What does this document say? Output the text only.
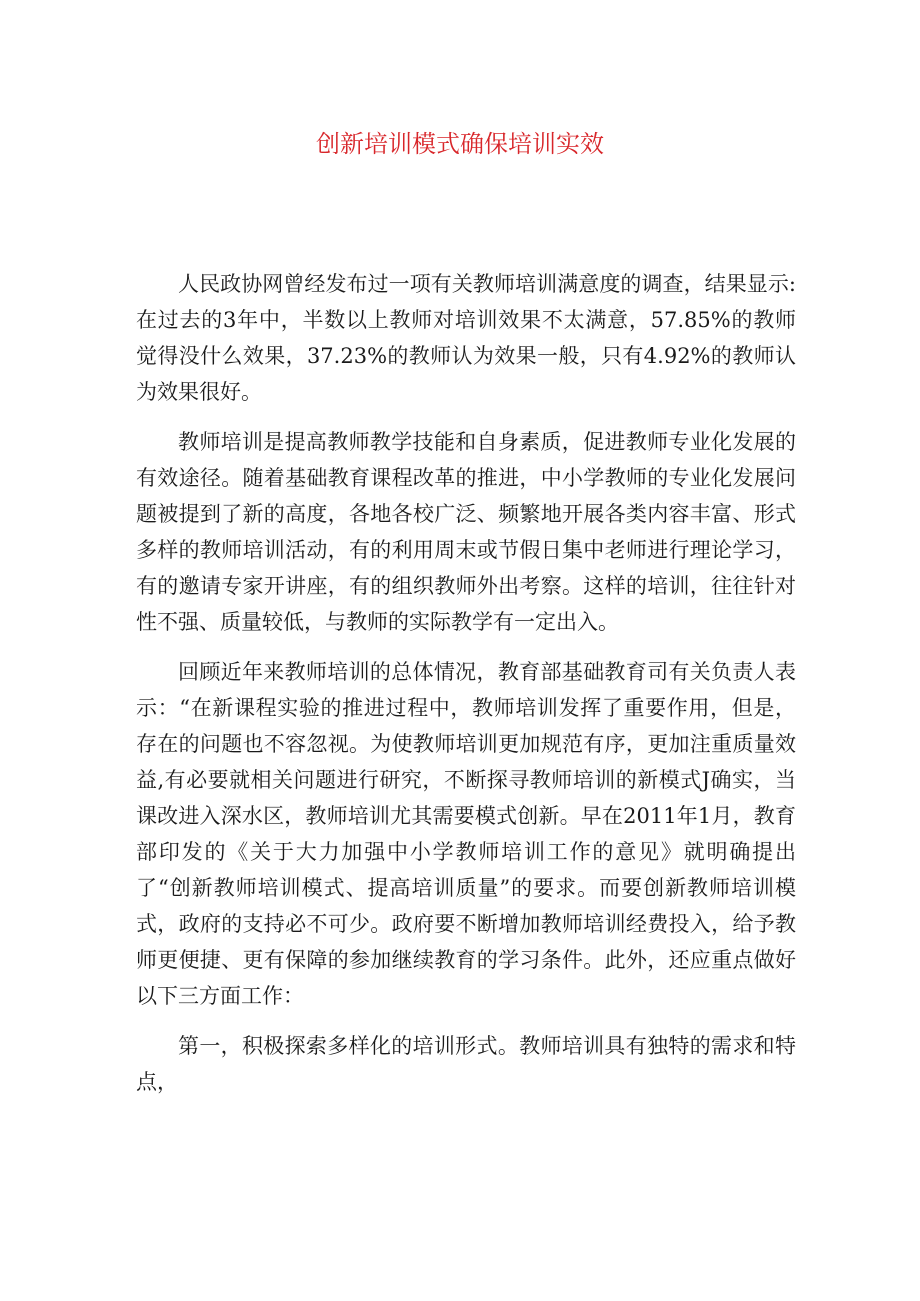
创新培训模式确保培训实效

人民政协网曾经发布过一项有关教师培训满意度的调查，结果显示:在过去的3年中，半数以上教师对培训效果不太满意，57.85%的教师觉得没什么效果，37.23%的教师认为效果一般，只有4.92%的教师认为效果很好。

教师培训是提高教师教学技能和自身素质，促进教师专业化发展的有效途径。随着基础教育课程改革的推进，中小学教师的专业化发展问题被提到了新的高度，各地各校广泛、频繁地开展各类内容丰富、形式多样的教师培训活动，有的利用周末或节假日集中老师进行理论学习，有的邀请专家开讲座，有的组织教师外出考察。这样的培训，往往针对性不强、质量较低，与教师的实际教学有一定出入。

回顾近年来教师培训的总体情况，教育部基础教育司有关负责人表示：“在新课程实验的推进过程中，教师培训发挥了重要作用，但是，存在的问题也不容忽视。为使教师培训更加规范有序，更加注重质量效益,有必要就相关问题进行研究，不断探寻教师培训的新模式J确实，当课改进入深水区，教师培训尤其需要模式创新。早在2011年1月，教育部印发的《关于大力加强中小学教师培训工作的意见》就明确提出了“创新教师培训模式、提高培训质量”的要求。而要创新教师培训模式，政府的支持必不可少。政府要不断增加教师培训经费投入，给予教师更便捷、更有保障的参加继续教育的学习条件。此外，还应重点做好以下三方面工作：

第一，积极探索多样化的培训形式。教师培训具有独特的需求和特点，
